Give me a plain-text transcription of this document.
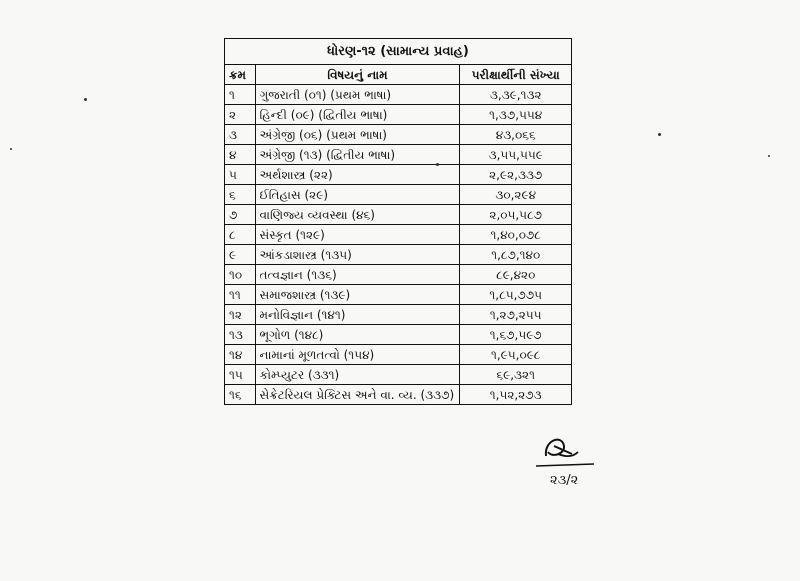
ધોરણ-૧૨ (સામાન્ય પ્રવાહ)		
ક્રમ	વિષયનું નામ	પરીક્ષાર્થીની સંખ્યા
૧	ગુજરાતી (૦૧) (પ્રથમ ભાષા)	૩,૩૯,૧૩૨
૨	હિન્દી (૦૯) (દ્વિતીય ભાષા)	૧,૩૭,૫૫૪
૩	અંગ્રેજી (૦૬) (પ્રથમ ભાષા)	૪૩,૦૬૬
૪	અંગ્રેજી (૧૩) (દ્વિતીય ભાષા)	૩,૫૫,૫૫૯
૫	અર્થશાસ્ત્ર (૨૨)	૨,૯૨,૩૩૭
૬	ઈતિહાસ (૨૯)	૩૦,૨૯૪
૭	વાણિજ્ય વ્યવસ્થા (૪૬)	૨,૦૫,૫૮૭
૮	સંસ્કૃત (૧૨૯)	૧,૪૦,૦૭૮
૯	આંકડાશાસ્ત્ર (૧૩૫)	૧,૮૭,૧૪૦
૧૦	તત્વજ્ઞાન (૧૩૬)	૮૯,૪૨૦
૧૧	સમાજશાસ્ત્ર (૧૩૯)	૧,૮૫,૭૭૫
૧૨	મનોવિજ્ઞાન (૧૪૧)	૧,૨૭,૨૫૫
૧૩	ભૂગોળ (૧૪૮)	૧,૬૭,૫૯૭
૧૪	નામાનાં મૂળતત્વો (૧૫૪)	૧,૯૫,૦૯૮
૧૫	કોમ્પ્યુટર (૩૩૧)	૬૯,૩૨૧
૧૬	સેક્રેટરિયલ પ્રેક્ટિસ અને વા. વ્ય. (૩૩૭)	૧,૫૨,૨૭૩
૨૩/૨
